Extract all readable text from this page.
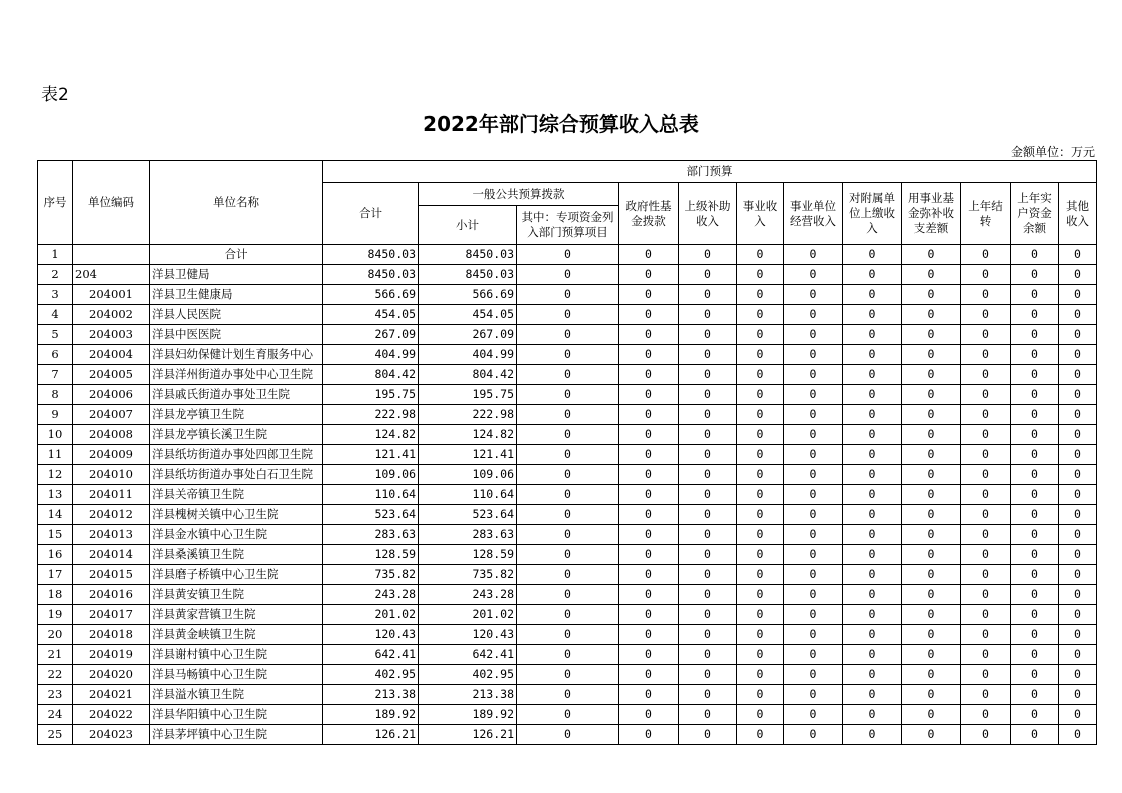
表2
2022年部门综合预算收入总表
金额单位：万元
序号	单位编码	单位名称	部门预算											
			合计	一般公共预算拨款		政府性基金拨款	上级补助收入	事业收入	事业单位经营收入	对附属单位上缴收入	用事业基金弥补收支差额	上年结转	上年实户资金余额	其他收入
				小计	其中：专项资金列入部门预算项目									
1		合计	8450.03	8450.03	0	0	0	0	0	0	0	0	0	0
2	204	洋县卫健局	8450.03	8450.03	0	0	0	0	0	0	0	0	0	0
3	204001	洋县卫生健康局	566.69	566.69	0	0	0	0	0	0	0	0	0	0
4	204002	洋县人民医院	454.05	454.05	0	0	0	0	0	0	0	0	0	0
5	204003	洋县中医医院	267.09	267.09	0	0	0	0	0	0	0	0	0	0
6	204004	洋县妇幼保健计划生育服务中心	404.99	404.99	0	0	0	0	0	0	0	0	0	0
7	204005	洋县洋州街道办事处中心卫生院	804.42	804.42	0	0	0	0	0	0	0	0	0	0
8	204006	洋县戚氏街道办事处卫生院	195.75	195.75	0	0	0	0	0	0	0	0	0	0
9	204007	洋县龙亭镇卫生院	222.98	222.98	0	0	0	0	0	0	0	0	0	0
10	204008	洋县龙亭镇长溪卫生院	124.82	124.82	0	0	0	0	0	0	0	0	0	0
11	204009	洋县纸坊街道办事处四郎卫生院	121.41	121.41	0	0	0	0	0	0	0	0	0	0
12	204010	洋县纸坊街道办事处白石卫生院	109.06	109.06	0	0	0	0	0	0	0	0	0	0
13	204011	洋县关帝镇卫生院	110.64	110.64	0	0	0	0	0	0	0	0	0	0
14	204012	洋县槐树关镇中心卫生院	523.64	523.64	0	0	0	0	0	0	0	0	0	0
15	204013	洋县金水镇中心卫生院	283.63	283.63	0	0	0	0	0	0	0	0	0	0
16	204014	洋县桑溪镇卫生院	128.59	128.59	0	0	0	0	0	0	0	0	0	0
17	204015	洋县磨子桥镇中心卫生院	735.82	735.82	0	0	0	0	0	0	0	0	0	0
18	204016	洋县黄安镇卫生院	243.28	243.28	0	0	0	0	0	0	0	0	0	0
19	204017	洋县黄家营镇卫生院	201.02	201.02	0	0	0	0	0	0	0	0	0	0
20	204018	洋县黄金峡镇卫生院	120.43	120.43	0	0	0	0	0	0	0	0	0	0
21	204019	洋县谢村镇中心卫生院	642.41	642.41	0	0	0	0	0	0	0	0	0	0
22	204020	洋县马畅镇中心卫生院	402.95	402.95	0	0	0	0	0	0	0	0	0	0
23	204021	洋县溢水镇卫生院	213.38	213.38	0	0	0	0	0	0	0	0	0	0
24	204022	洋县华阳镇中心卫生院	189.92	189.92	0	0	0	0	0	0	0	0	0	0
25	204023	洋县茅坪镇中心卫生院	126.21	126.21	0	0	0	0	0	0	0	0	0	0
